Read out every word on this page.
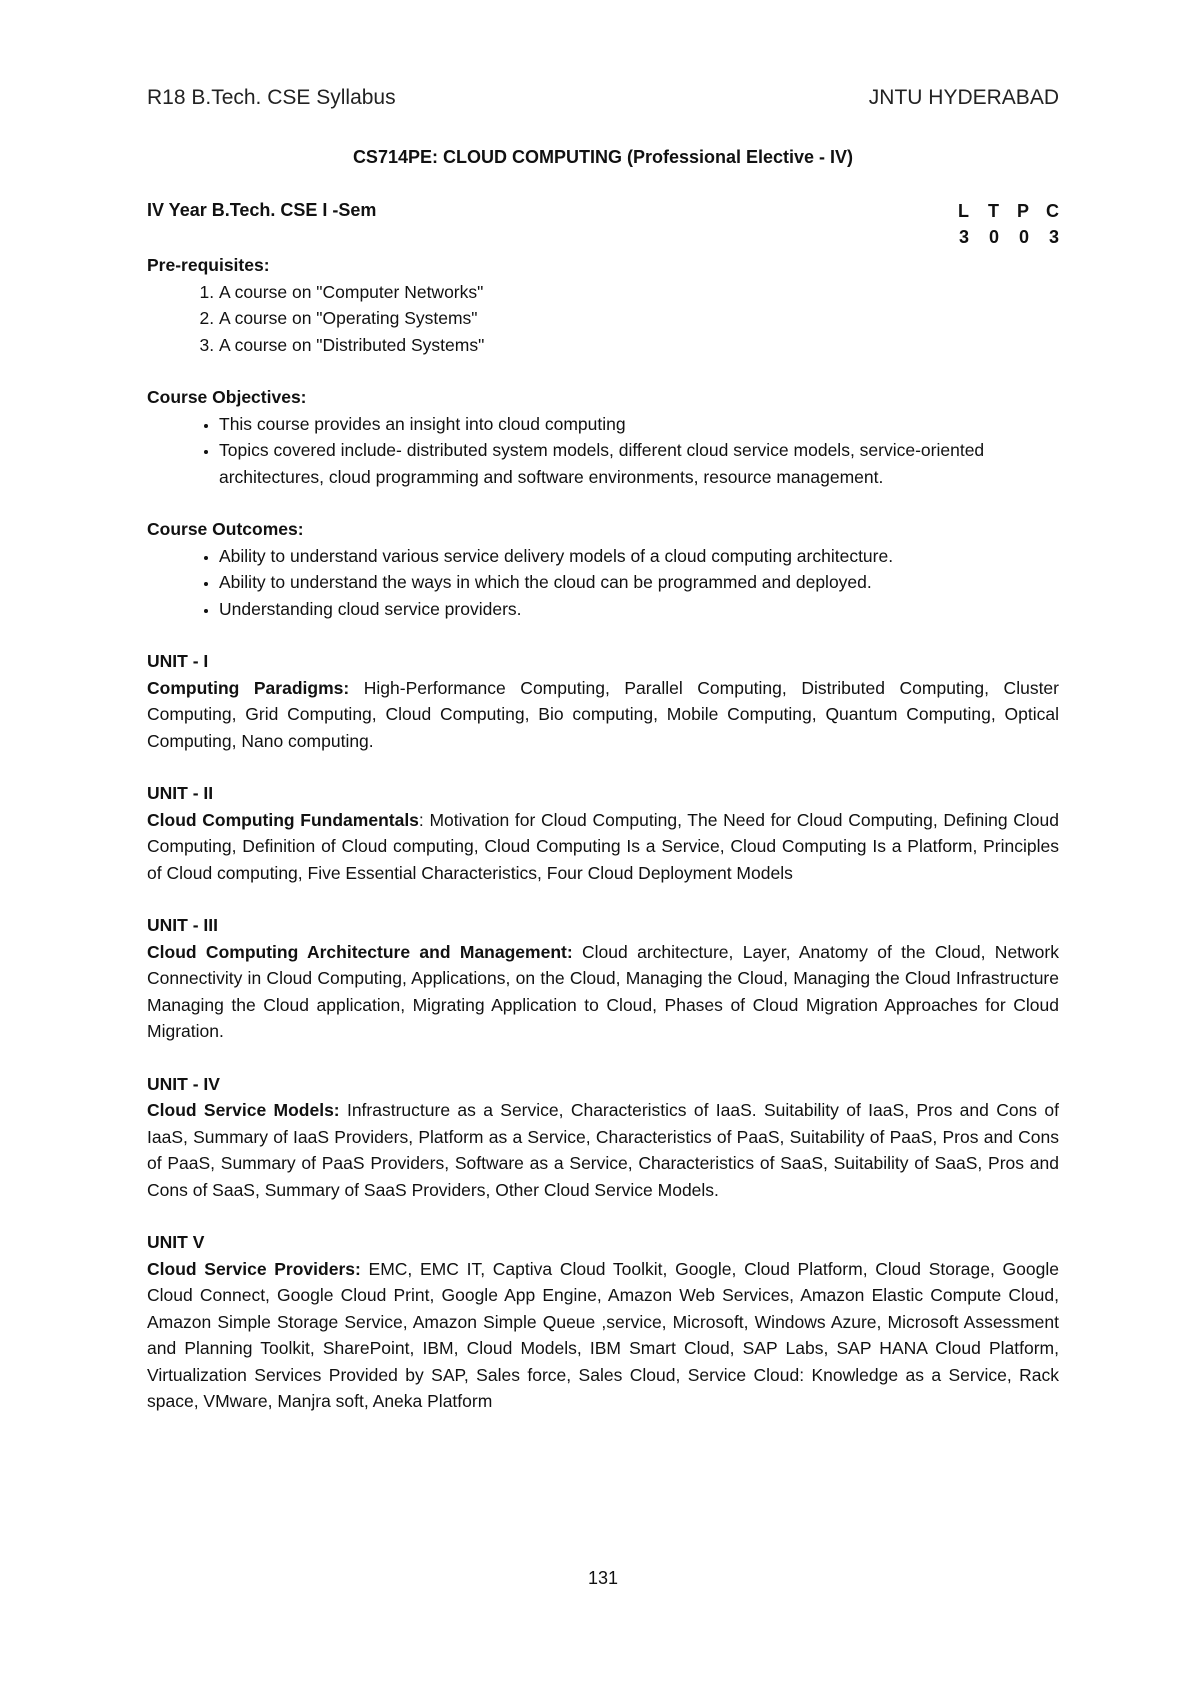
R18 B.Tech. CSE Syllabus	JNTU HYDERABAD
CS714PE: CLOUD COMPUTING (Professional Elective - IV)
IV Year B.Tech. CSE I -Sem	L	T	P	C
3	0	0	3
Pre-requisites:
1. A course on "Computer Networks"
2. A course on "Operating Systems"
3. A course on "Distributed Systems"
Course Objectives:
• This course provides an insight into cloud computing
• Topics covered include- distributed system models, different cloud service models, service-oriented architectures, cloud programming and software environments, resource management.
Course Outcomes:
• Ability to understand various service delivery models of a cloud computing architecture.
• Ability to understand the ways in which the cloud can be programmed and deployed.
• Understanding cloud service providers.
UNIT - I

Computing Paradigms: High-Performance Computing, Parallel Computing, Distributed Computing, Cluster Computing, Grid Computing, Cloud Computing, Bio computing, Mobile Computing, Quantum Computing, Optical Computing, Nano computing.

UNIT - II

Cloud Computing Fundamentals: Motivation for Cloud Computing, The Need for Cloud Computing, Defining Cloud Computing, Definition of Cloud computing, Cloud Computing Is a Service, Cloud Computing Is a Platform, Principles of Cloud computing, Five Essential Characteristics, Four Cloud Deployment Models

UNIT - III

Cloud Computing Architecture and Management: Cloud architecture, Layer, Anatomy of the Cloud, Network Connectivity in Cloud Computing, Applications, on the Cloud, Managing the Cloud, Managing the Cloud Infrastructure Managing the Cloud application, Migrating Application to Cloud, Phases of Cloud Migration Approaches for Cloud Migration.

UNIT - IV

Cloud Service Models: Infrastructure as a Service, Characteristics of IaaS. Suitability of IaaS, Pros and Cons of IaaS, Summary of IaaS Providers, Platform as a Service, Characteristics of PaaS, Suitability of PaaS, Pros and Cons of PaaS, Summary of PaaS Providers, Software as a Service, Characteristics of SaaS, Suitability of SaaS, Pros and Cons of SaaS, Summary of SaaS Providers, Other Cloud Service Models.

UNIT V

Cloud Service Providers: EMC, EMC IT, Captiva Cloud Toolkit, Google, Cloud Platform, Cloud Storage, Google Cloud Connect, Google Cloud Print, Google App Engine, Amazon Web Services, Amazon Elastic Compute Cloud, Amazon Simple Storage Service, Amazon Simple Queue ,service, Microsoft, Windows Azure, Microsoft Assessment and Planning Toolkit, SharePoint, IBM, Cloud Models, IBM Smart Cloud, SAP Labs, SAP HANA Cloud Platform, Virtualization Services Provided by SAP, Sales force, Sales Cloud, Service Cloud: Knowledge as a Service, Rack space, VMware, Manjra soft, Aneka Platform

131
